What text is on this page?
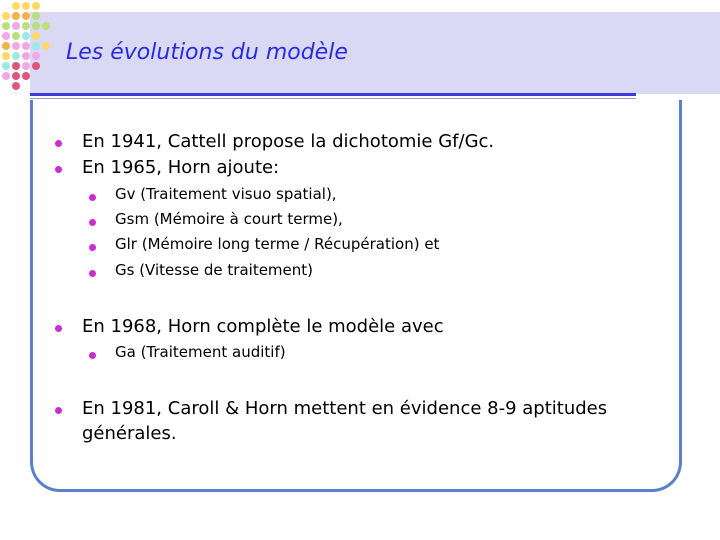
Les évolutions du modèle
En 1941, Cattell propose la dichotomie Gf/Gc.
En 1965, Horn ajoute:
Gv (Traitement visuo spatial),
Gsm (Mémoire à court terme),
Glr (Mémoire long terme / Récupération) et
Gs (Vitesse de traitement)
En 1968, Horn complète le modèle avec
Ga (Traitement auditif)
En 1981, Caroll & Horn mettent en évidence 8-9 aptitudes
générales.
